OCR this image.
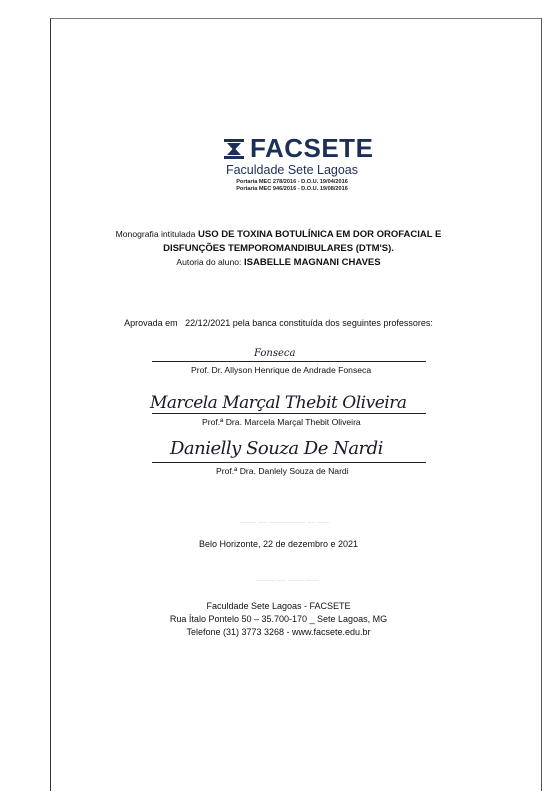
FACSETE
Faculdade Sete Lagoas
Portaria MEC 278/2016 - D.O.U. 19/04/2016
Portaria MEC 946/2016 - D.O.U. 19/08/2016
Monografia intitulada USO DE TOXINA BOTULÍNICA EM DOR OROFACIAL E
DISFUNÇÕES TEMPOROMANDIBULARES (DTM'S).
Autoria do aluno: ISABELLE MAGNANI CHAVES
Aprovada em 22/12/2021 pela banca constituída dos seguintes professores:
~~~~ ~~ ~~~~~~~~~ ~~ ~~~
~~~~~ ~~ ~~~~ ~~~
Fonseca
Prof. Dr. Allyson Henrique de Andrade Fonseca
Marcela Marçal Thebit Oliveira
Prof.ª Dra. Marcela Marçal Thebit Oliveira
Danielly Souza De Nardi
Prof.ª Dra. Danlely Souza de Nardi
Belo Horizonte, 22 de dezembro e 2021
Faculdade Sete Lagoas - FACSETE
Rua Ítalo Pontelo 50 – 35.700-170 _ Sete Lagoas, MG
Telefone (31) 3773 3268 - www.facsete.edu.br
